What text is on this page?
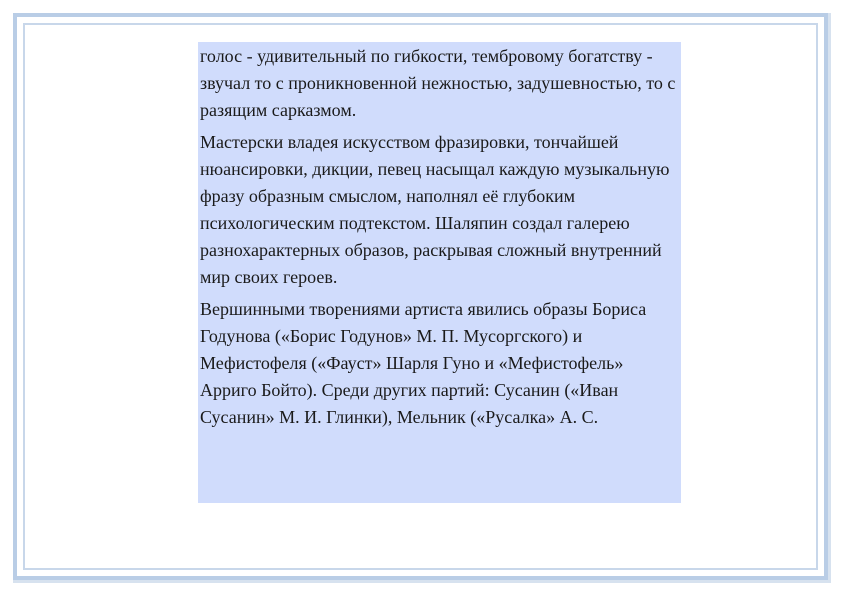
голос - удивительный по гибкости, тембровому богатству - звучал то с проникновенной нежностью, задушевностью, то с разящим сарказмом.

Мастерски владея искусством фразировки, тончайшей нюансировки, дикции, певец насыщал каждую музыкальную фразу образным смыслом, наполнял её глубоким психологическим подтекстом. Шаляпин создал галерею разнохарактерных образов, раскрывая сложный внутренний мир своих героев.

Вершинными творениями артиста явились образы Бориса Годунова («Борис Годунов» М. П. Мусоргского) и Мефистофеля («Фауст» Шарля Гуно и «Мефистофель» Арриго Бойто). Среди других партий: Сусанин («Иван Сусанин» М. И. Глинки), Мельник («Русалка» А. С.
